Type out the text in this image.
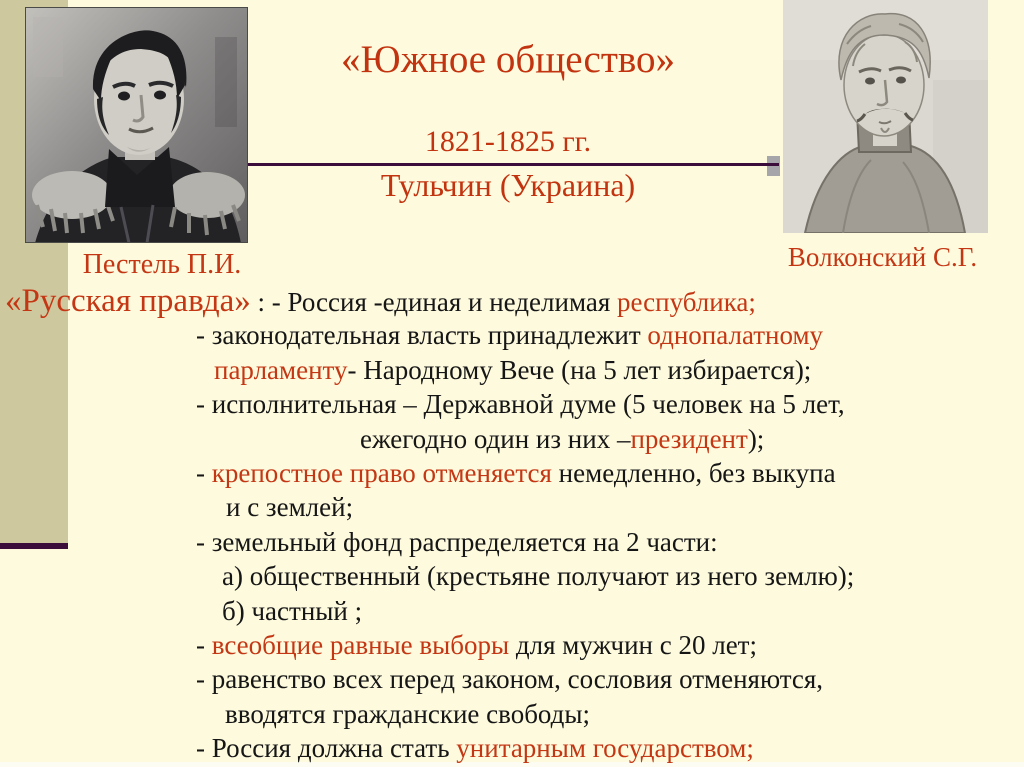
Пестель П.И.	Волконский С.Г.
«Южное общество»
1821-1825 гг.
Тульчин (Украина)
«Русская правда» : - Россия -единая и неделимая республика;
- законодательная власть принадлежит однопалатному
парламенту- Народному Вече (на 5 лет избирается);
- исполнительная – Державной думе (5 человек на 5 лет,
ежегодно один из них –президент);
- крепостное право отменяется немедленно, без выкупа
и с землей;
- земельный фонд распределяется на 2 части:
а) общественный (крестьяне получают из него землю);
б) частный ;
- всеобщие равные выборы для мужчин с 20 лет;
- равенство всех перед законом, сословия отменяются,
вводятся гражданские свободы;
- Россия должна стать унитарным государством;
